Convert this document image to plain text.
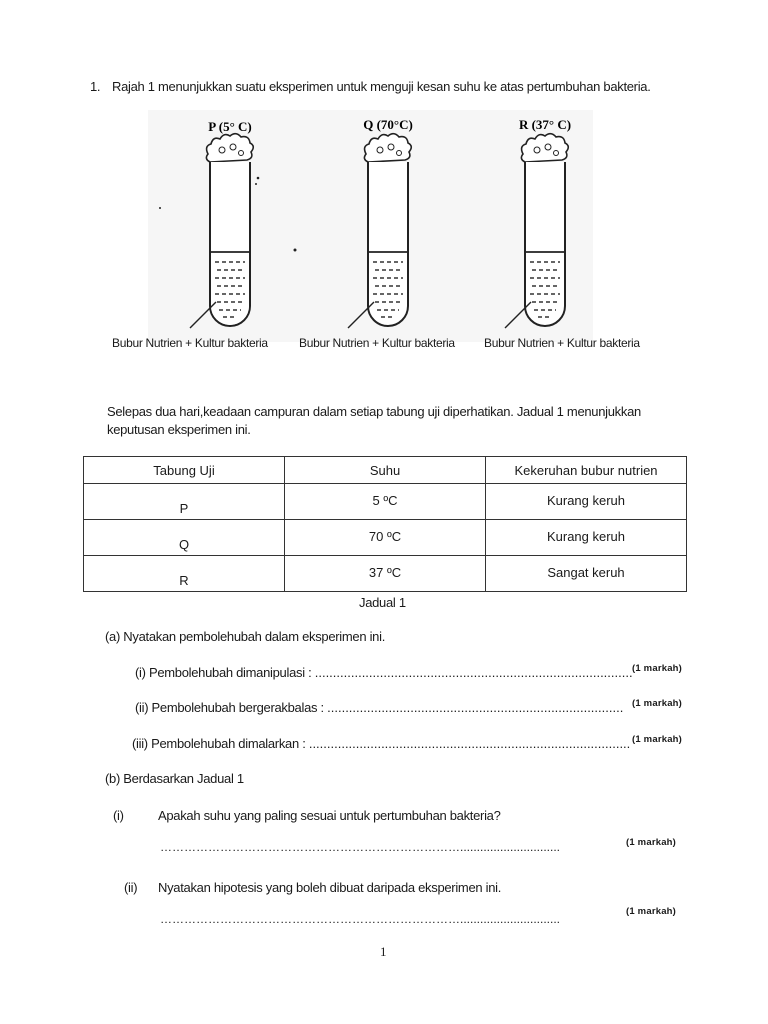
1. Rajah 1 menunjukkan suatu eksperimen untuk menguji kesan suhu ke atas pertumbuhan bakteria.
P (5° C)	Q (70°C)	R (37° C)
Bubur Nutrien + Kultur bakteria	Bubur Nutrien + Kultur bakteria Bubur Nutrien + Kultur bakteria
Selepas dua hari,keadaan campuran dalam setiap tabung uji diperhatikan. Jadual 1 menunjukkan
keputusan eksperimen ini.
Tabung Uji	Suhu	Kekeruhan bubur nutrien

P	5 ºC	Kurang keruh

Q	70 ºC	Kurang keruh

R	37 ºC	Sangat keruh
Jadual 1
(a) Nyatakan pembolehubah dalam eksperimen ini.
(i) Pembolehubah dimanipulasi : ........................................................................................ (1 markah)
(ii) Pembolehubah bergerakbalas : .................................................................................. (1 markah)
(iii) Pembolehubah dimalarkan : ......................................................................................... (1 markah)
(b) Berdasarkan Jadual 1
(i)	Apakah suhu yang paling sesuai untuk pertumbuhan bakteria?
…………………………………………………………………..............................	(1 markah)
(ii) Nyatakan hipotesis yang boleh dibuat daripada eksperimen ini.
…………………………………………………………………..............................
(1 markah)
1
